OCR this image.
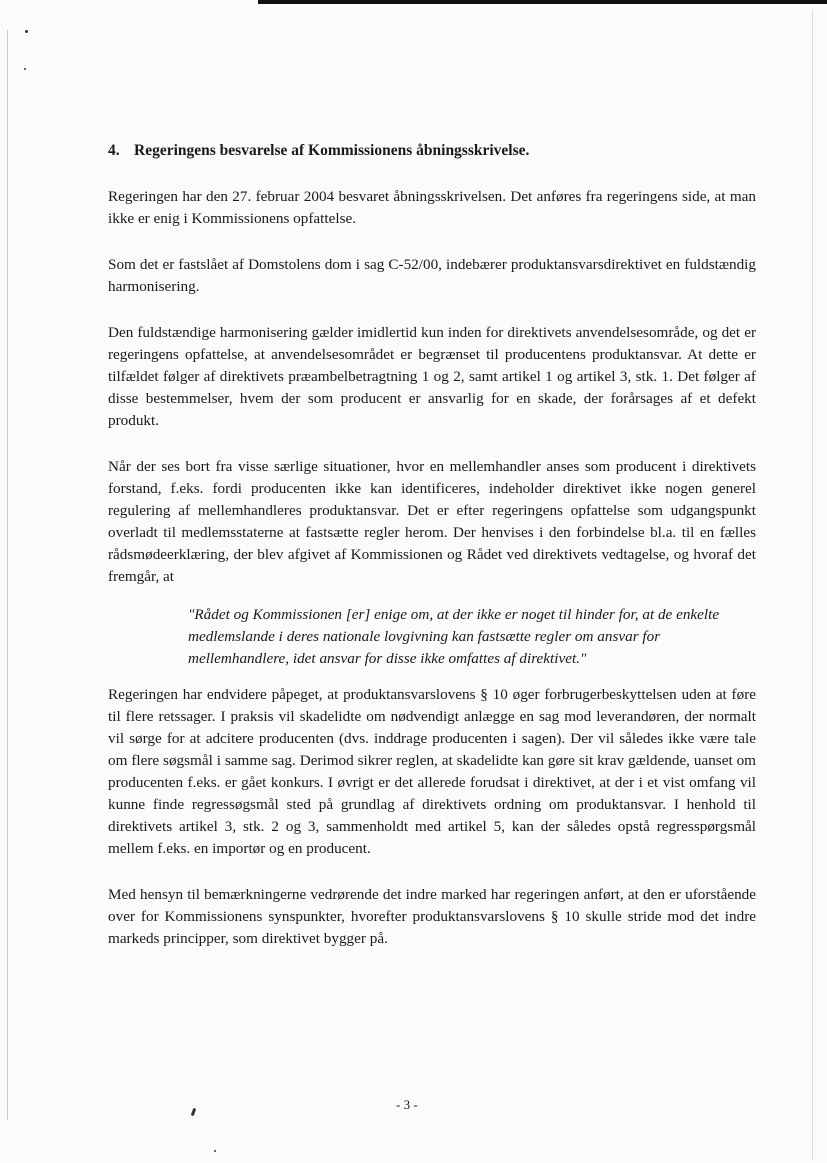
4. Regeringens besvarelse af Kommissionens åbningsskrivelse.

Regeringen har den 27. februar 2004 besvaret åbningsskrivelsen. Det anføres fra regeringens side, at man ikke er enig i Kommissionens opfattelse.

Som det er fastslået af Domstolens dom i sag C-52/00, indebærer produktansvarsdirektivet en fuldstændig harmonisering.

Den fuldstændige harmonisering gælder imidlertid kun inden for direktivets anvendelsesområde, og det er regeringens opfattelse, at anvendelsesområdet er begrænset til producentens produktansvar. At dette er tilfældet følger af direktivets præambelbetragtning 1 og 2, samt artikel 1 og artikel 3, stk. 1. Det følger af disse bestemmelser, hvem der som producent er ansvarlig for en skade, der forårsages af et defekt produkt.

Når der ses bort fra visse særlige situationer, hvor en mellemhandler anses som producent i direktivets forstand, f.eks. fordi producenten ikke kan identificeres, indeholder direktivet ikke nogen generel regulering af mellemhandleres produktansvar. Det er efter regeringens opfattelse som udgangspunkt overladt til medlemsstaterne at fastsætte regler herom. Der henvises i den forbindelse bl.a. til en fælles rådsmødeerklæring, der blev afgivet af Kommissionen og Rådet ved direktivets vedtagelse, og hvoraf det fremgår, at

"Rådet og Kommissionen [er] enige om, at der ikke er noget til hinder for, at de enkelte medlemslande i deres nationale lovgivning kan fastsætte regler om ansvar for mellemhandlere, idet ansvar for disse ikke omfattes af direktivet."

Regeringen har endvidere påpeget, at produktansvarslovens § 10 øger forbrugerbeskyttelsen uden at føre til flere retssager. I praksis vil skadelidte om nødvendigt anlægge en sag mod leverandøren, der normalt vil sørge for at adcitere producenten (dvs. inddrage producenten i sagen). Der vil således ikke være tale om flere søgsmål i samme sag. Derimod sikrer reglen, at skadelidte kan gøre sit krav gældende, uanset om producenten f.eks. er gået konkurs. I øvrigt er det allerede forudsat i direktivet, at der i et vist omfang vil kunne finde regressøgsmål sted på grundlag af direktivets ordning om produktansvar. I henhold til direktivets artikel 3, stk. 2 og 3, sammenholdt med artikel 5, kan der således opstå regresspørgsmål mellem f.eks. en importør og en producent.

Med hensyn til bemærkningerne vedrørende det indre marked har regeringen anført, at den er uforstående over for Kommissionens synspunkter, hvorefter produktansvarslovens § 10 skulle stride mod det indre markeds principper, som direktivet bygger på.

- 3 -
